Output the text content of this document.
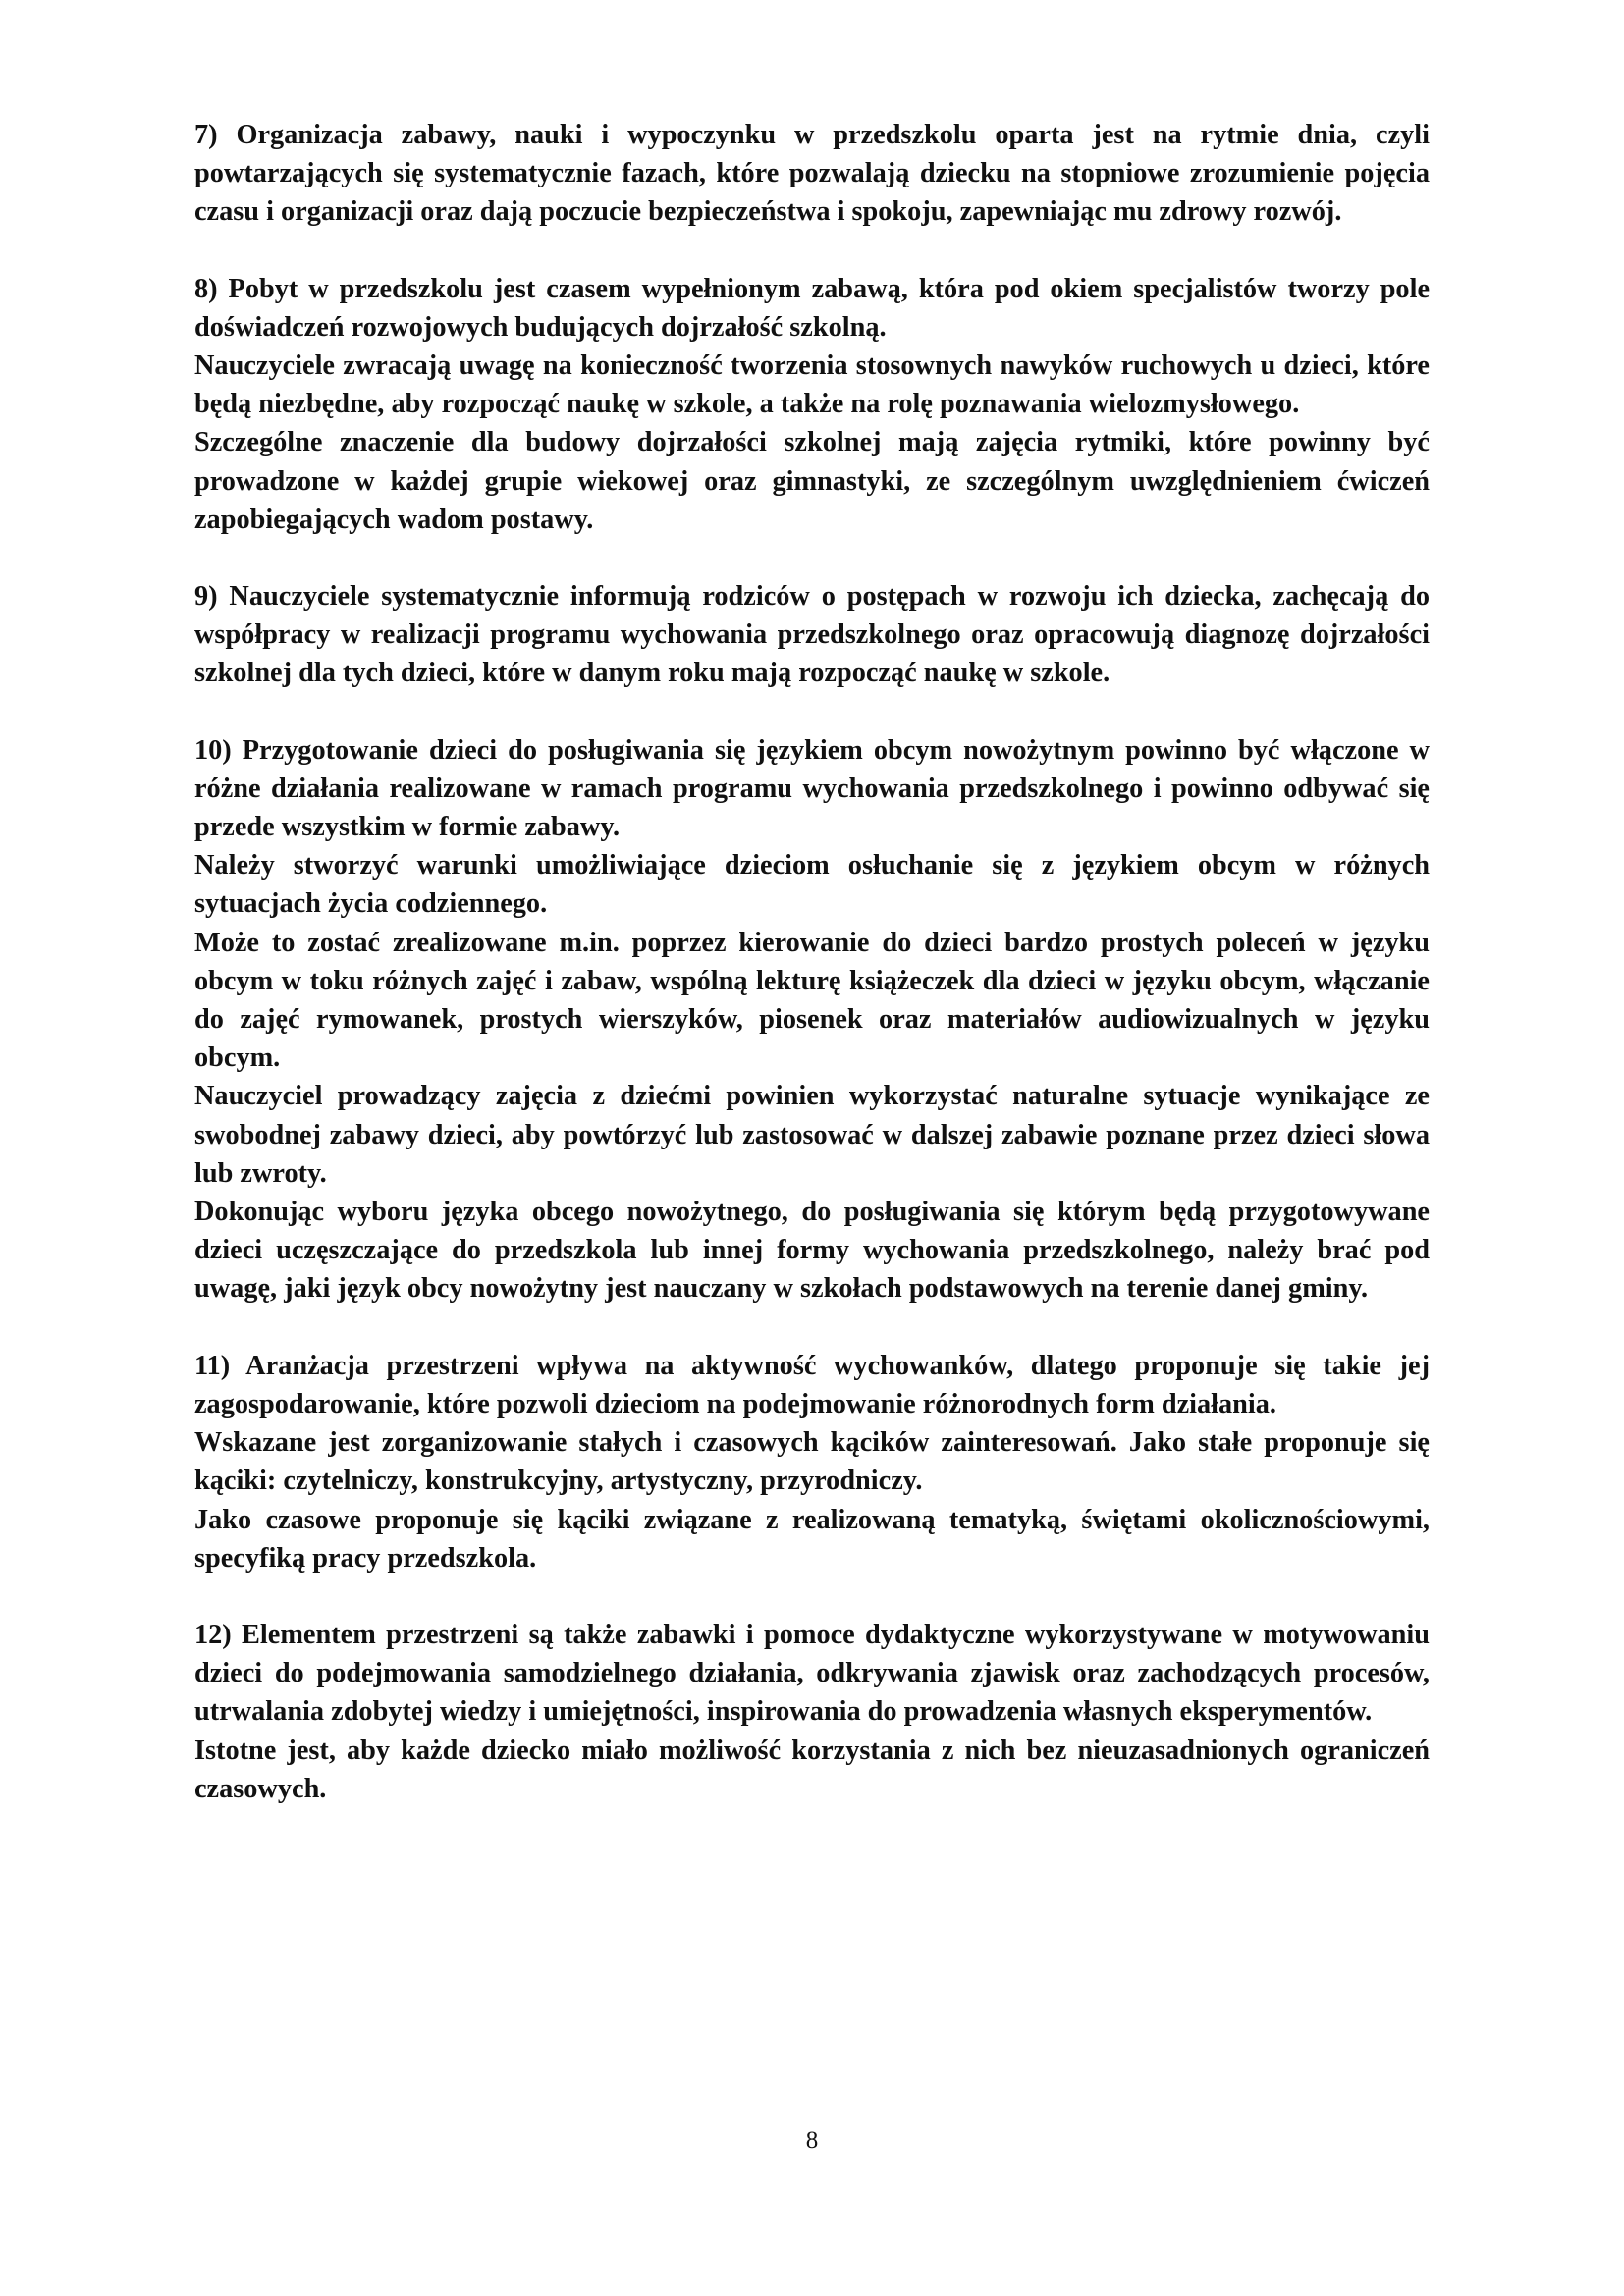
7) Organizacja zabawy, nauki i wypoczynku w przedszkolu oparta jest na rytmie dnia, czyli powtarzających się systematycznie fazach, które pozwalają dziecku na stopniowe zrozumienie pojęcia czasu i organizacji oraz dają poczucie bezpieczeństwa i spokoju, zapewniając mu zdrowy rozwój.

8) Pobyt w przedszkolu jest czasem wypełnionym zabawą, która pod okiem specjalistów tworzy pole doświadczeń rozwojowych budujących dojrzałość szkolną.

Nauczyciele zwracają uwagę na konieczność tworzenia stosownych nawyków ruchowych u dzieci, które będą niezbędne, aby rozpocząć naukę w szkole, a także na rolę poznawania wielozmysłowego.

Szczególne znaczenie dla budowy dojrzałości szkolnej mają zajęcia rytmiki, które powinny być prowadzone w każdej grupie wiekowej oraz gimnastyki, ze szczególnym uwzględnieniem ćwiczeń zapobiegających wadom postawy.

9) Nauczyciele systematycznie informują rodziców o postępach w rozwoju ich dziecka, zachęcają do współpracy w realizacji programu wychowania przedszkolnego oraz opracowują diagnozę dojrzałości szkolnej dla tych dzieci, które w danym roku mają rozpocząć naukę w szkole.

10) Przygotowanie dzieci do posługiwania się językiem obcym nowożytnym powinno być włączone w różne działania realizowane w ramach programu wychowania przedszkolnego i powinno odbywać się przede wszystkim w formie zabawy.

Należy stworzyć warunki umożliwiające dzieciom osłuchanie się z językiem obcym w różnych sytuacjach życia codziennego.

Może to zostać zrealizowane m.in. poprzez kierowanie do dzieci bardzo prostych poleceń w języku obcym w toku różnych zajęć i zabaw, wspólną lekturę książeczek dla dzieci w języku obcym, włączanie do zajęć rymowanek, prostych wierszyków, piosenek oraz materiałów audiowizualnych w języku obcym.

Nauczyciel prowadzący zajęcia z dziećmi powinien wykorzystać naturalne sytuacje wynikające ze swobodnej zabawy dzieci, aby powtórzyć lub zastosować w dalszej zabawie poznane przez dzieci słowa lub zwroty.

Dokonując wyboru języka obcego nowożytnego, do posługiwania się którym będą przygotowywane dzieci uczęszczające do przedszkola lub innej formy wychowania przedszkolnego, należy brać pod uwagę, jaki język obcy nowożytny jest nauczany w szkołach podstawowych na terenie danej gminy.

11) Aranżacja przestrzeni wpływa na aktywność wychowanków, dlatego proponuje się takie jej zagospodarowanie, które pozwoli dzieciom na podejmowanie różnorodnych form działania.

Wskazane jest zorganizowanie stałych i czasowych kącików zainteresowań. Jako stałe proponuje się kąciki: czytelniczy, konstrukcyjny, artystyczny, przyrodniczy.

Jako czasowe proponuje się kąciki związane z realizowaną tematyką, świętami okolicznościowymi, specyfiką pracy przedszkola.

12) Elementem przestrzeni są także zabawki i pomoce dydaktyczne wykorzystywane w motywowaniu dzieci do podejmowania samodzielnego działania, odkrywania zjawisk oraz zachodzących procesów, utrwalania zdobytej wiedzy i umiejętności, inspirowania do prowadzenia własnych eksperymentów.

Istotne jest, aby każde dziecko miało możliwość korzystania z nich bez nieuzasadnionych ograniczeń czasowych.

8
